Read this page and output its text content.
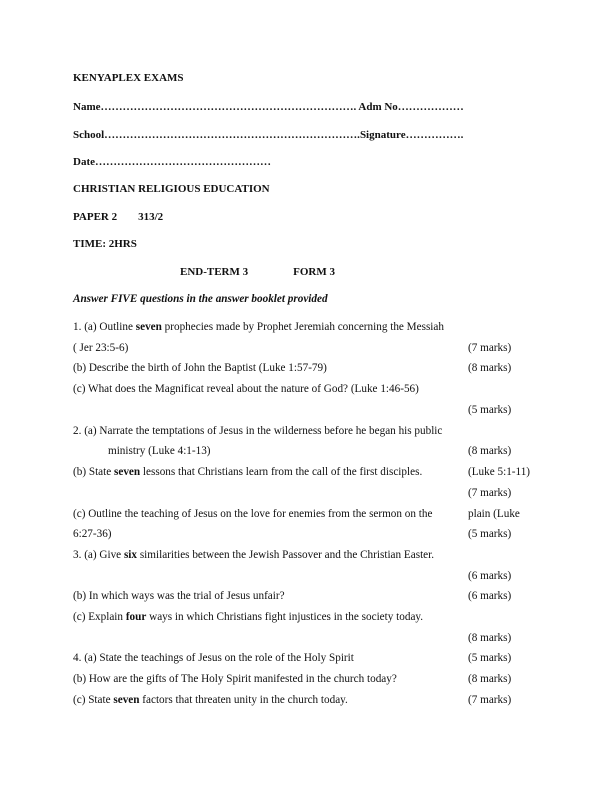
KENYAPLEX EXAMS
Name……………………………………………………………. Adm No………………
School…………………………………………………………….Signature…………….
Date…………………………………………
CHRISTIAN RELIGIOUS EDUCATION
PAPER 2 313/2
TIME: 2HRS
END-TERM 3	FORM 3
Answer FIVE questions in the answer booklet provided
1. (a) Outline seven prophecies made by Prophet Jeremiah concerning the Messiah
( Jer 23:5-6)	(7 marks)
(b) Describe the birth of John the Baptist (Luke 1:57-79)	(8 marks)
(c) What does the Magnificat reveal about the nature of God? (Luke 1:46-56)
(5 marks)
2. (a) Narrate the temptations of Jesus in the wilderness before he began his public
ministry (Luke 4:1-13)	(8 marks)
(b) State seven lessons that Christians learn from the call of the first disciples.	(Luke 5:1-11)
(7 marks)
(c) Outline the teaching of Jesus on the love for enemies from the sermon on the	plain (Luke
6:27-36)	(5 marks)
3. (a) Give six similarities between the Jewish Passover and the Christian Easter.
(6 marks)
(b) In which ways was the trial of Jesus unfair?	(6 marks)
(c) Explain four ways in which Christians fight injustices in the society today.
(8 marks)
4. (a) State the teachings of Jesus on the role of the Holy Spirit	(5 marks)
(b) How are the gifts of The Holy Spirit manifested in the church today?	(8 marks)
(c) State seven factors that threaten unity in the church today.	(7 marks)
